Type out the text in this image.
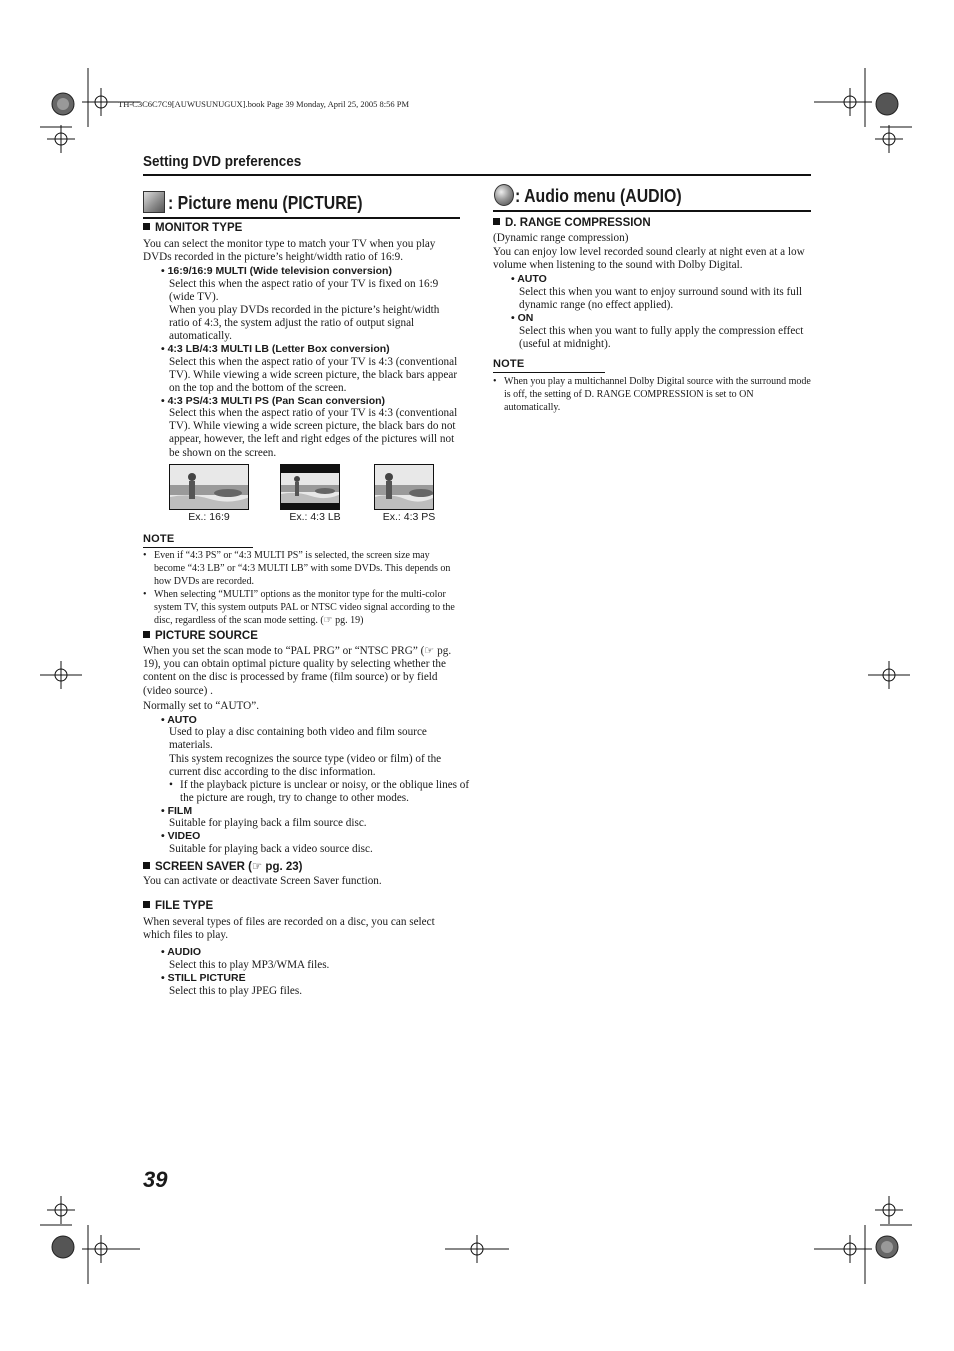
TH-C3C6C7C9[AUWUSUNUGUX].book Page 39 Monday, April 25, 2005 8:56 PM
Setting DVD preferences
: Picture menu (PICTURE)
MONITOR TYPE

You can select the monitor type to match your TV when you play DVDs recorded in the picture’s height/width ratio of 16:9.

• 16:9/16:9 MULTI (Wide television conversion)

Select this when the aspect ratio of your TV is fixed on 16:9 (wide TV).

When you play DVDs recorded in the picture’s height/width ratio of 4:3, the system adjust the ratio of output signal automatically.

• 4:3 LB/4:3 MULTI LB (Letter Box conversion)

Select this when the aspect ratio of your TV is 4:3 (conventional TV). While viewing a wide screen picture, the black bars appear on the top and the bottom of the screen.

• 4:3 PS/4:3 MULTI PS (Pan Scan conversion)

Select this when the aspect ratio of your TV is 4:3 (conventional TV). While viewing a wide screen picture, the black bars do not appear, however, the left and right edges of the pictures will not be shown on the screen.

Ex.: 16:9	Ex.: 4:3 LB	Ex.: 4:3 PS
NOTE
• Even if “4:3 PS” or “4:3 MULTI PS” is selected, the screen size may become “4:3 LB” or “4:3 MULTI LB” with some DVDs. This depends on how DVDs are recorded.
• When selecting “MULTI” options as the monitor type for the multi-color system TV, this system outputs PAL or NTSC video signal according to the disc, regardless of the scan mode setting. (☞ pg. 19)
PICTURE SOURCE

When you set the scan mode to “PAL PRG” or “NTSC PRG” (☞ pg. 19), you can obtain optimal picture quality by selecting whether the content on the disc is processed by frame (film source) or by field (video source) .

Normally set to “AUTO”.

• AUTO

Used to play a disc containing both video and film source materials.

This system recognizes the source type (video or film) of the current disc according to the disc information.

• If the playback picture is unclear or noisy, or the oblique lines of the picture are rough, try to change to other modes.
• FILM

Suitable for playing back a film source disc.

• VIDEO

Suitable for playing back a video source disc.

SCREEN SAVER (☞ pg. 23)

You can activate or deactivate Screen Saver function.

FILE TYPE

When several types of files are recorded on a disc, you can select which files to play.

• AUDIO

Select this to play MP3/WMA files.

• STILL PICTURE

Select this to play JPEG files.

: Audio menu (AUDIO)
D. RANGE COMPRESSION

(Dynamic range compression)

You can enjoy low level recorded sound clearly at night even at a low volume when listening to the sound with Dolby Digital.

• AUTO

Select this when you want to enjoy surround sound with its full dynamic range (no effect applied).

• ON

Select this when you want to fully apply the compression effect (useful at midnight).

NOTE
• When you play a multichannel Dolby Digital source with the surround mode is off, the setting of D. RANGE COMPRESSION is set to ON automatically.
39
